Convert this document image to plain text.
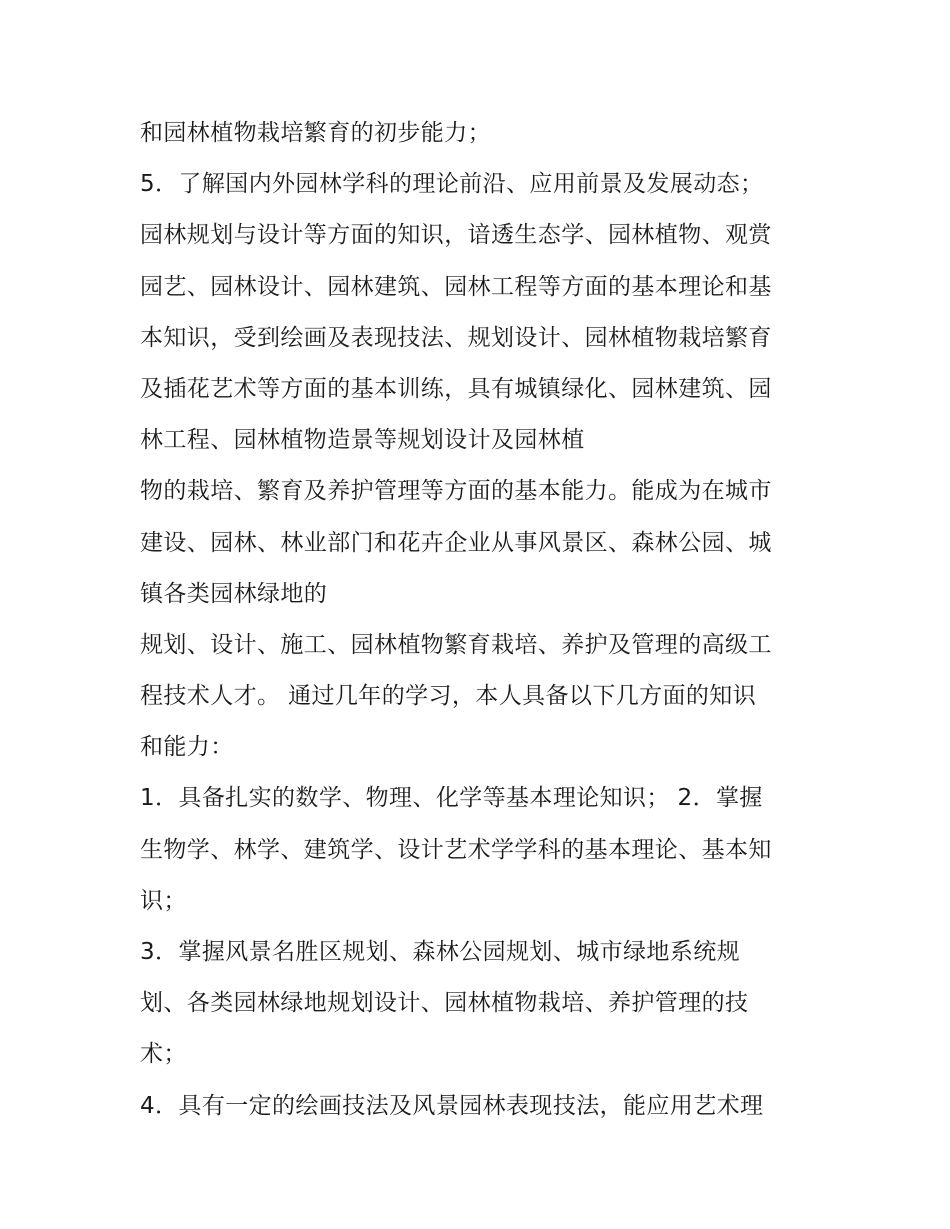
和园林植物栽培繁育的初步能力；
5．了解国内外园林学科的理论前沿、应用前景及发展动态；
园林规划与设计等方面的知识，谙透生态学、园林植物、观赏
园艺、园林设计、园林建筑、园林工程等方面的基本理论和基
本知识，受到绘画及表现技法、规划设计、园林植物栽培繁育
及插花艺术等方面的基本训练，具有城镇绿化、园林建筑、园
林工程、园林植物造景等规划设计及园林植
物的栽培、繁育及养护管理等方面的基本能力。能成为在城市
建设、园林、林业部门和花卉企业从事风景区、森林公园、城
镇各类园林绿地的
规划、设计、施工、园林植物繁育栽培、养护及管理的高级工
程技术人才。 通过几年的学习，本人具备以下几方面的知识
和能力：
1．具备扎实的数学、物理、化学等基本理论知识； 2．掌握
生物学、林学、建筑学、设计艺术学学科的基本理论、基本知
识；
3．掌握风景名胜区规划、森林公园规划、城市绿地系统规
划、各类园林绿地规划设计、园林植物栽培、养护管理的技
术；
4．具有一定的绘画技法及风景园林表现技法，能应用艺术理
